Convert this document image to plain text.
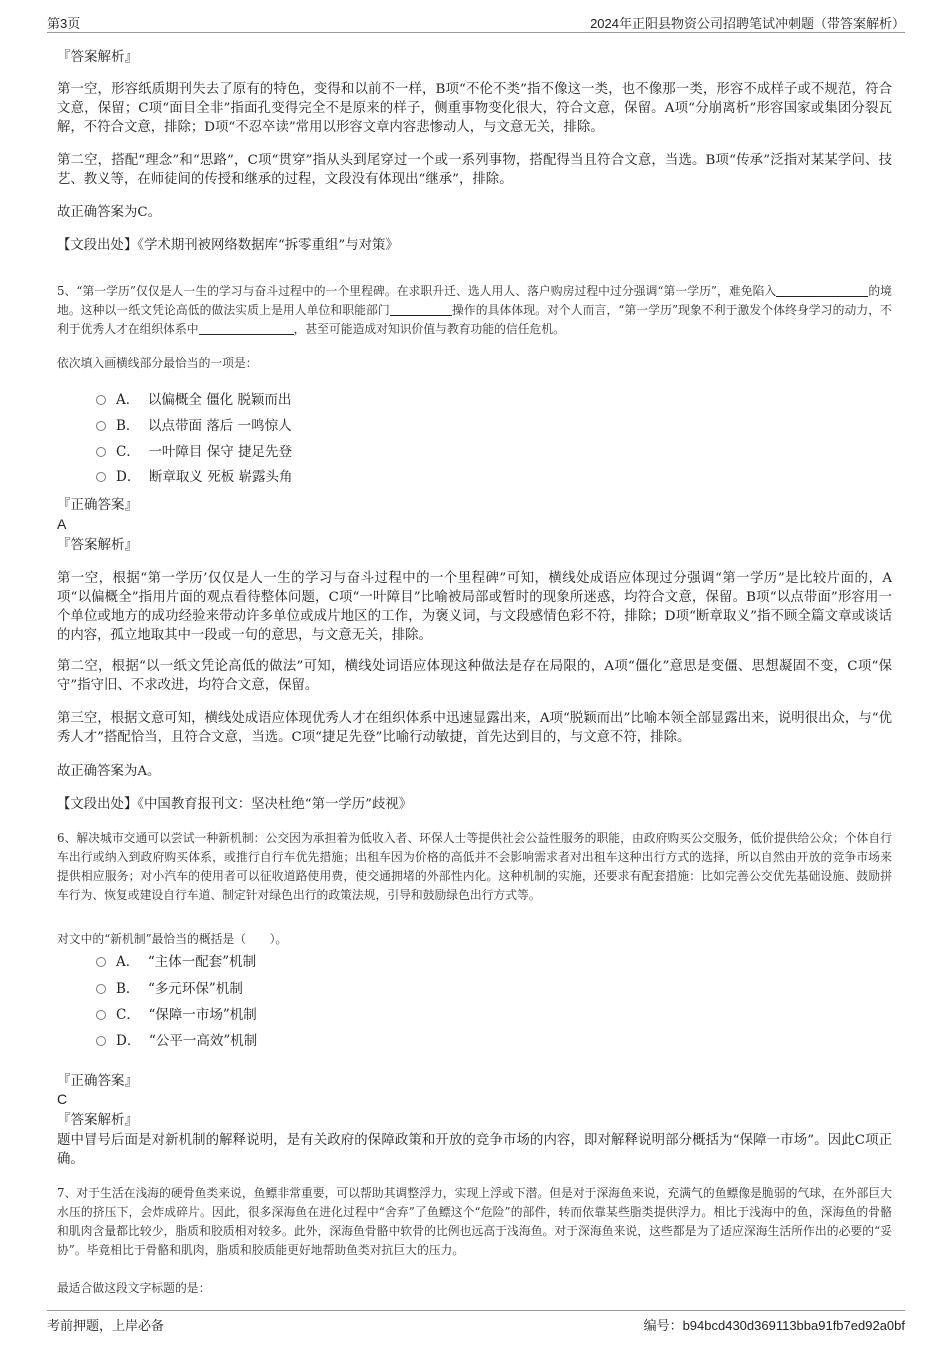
第3页	2024年正阳县物资公司招聘笔试冲刺题（带答案解析）
『答案解析』
第一空，形容纸质期刊失去了原有的特色，变得和以前不一样，B项“不伦不类”指不像这一类，也不像那一类，形容不成样子或不规范，符合文意，保留；C项“面目全非”指面孔变得完全不是原来的样子，侧重事物变化很大，符合文意，保留。A项“分崩离析”形容国家或集团分裂瓦解，不符合文意，排除；D项“不忍卒读”常用以形容文章内容悲惨动人，与文意无关，排除。
第二空，搭配“理念”和“思路”，C项“贯穿”指从头到尾穿过一个或一系列事物，搭配得当且符合文意，当选。B项“传承”泛指对某某学问、技艺、教义等，在师徒间的传授和继承的过程，文段没有体现出“继承”，排除。
故正确答案为C。
【文段出处】《学术期刊被网络数据库“拆零重组”与对策》
5、“第一学历”仅仅是人一生的学习与奋斗过程中的一个里程碑。在求职升迁、选人用人、落户购房过程中过分强调“第一学历”，难免陷入	的境地。这种以一纸文凭论高低的做法实质上是用人单位和职能部门	操作的具体体现。对个人而言，“第一学历”现象不利于激发个体终身学习的动力，不利于优秀人才在组织体系中	，甚至可能造成对知识价值与教育功能的信任危机。
依次填入画横线部分最恰当的一项是：
A． 以偏概全 僵化 脱颖而出
B． 以点带面 落后 一鸣惊人
C． 一叶障目 保守 捷足先登
D． 断章取义 死板 崭露头角
『正确答案』
A
『答案解析』
第一空，根据“第一学历’仅仅是人一生的学习与奋斗过程中的一个里程碑”可知，横线处成语应体现过分强调“第一学历”是比较片面的，A项“以偏概全”指用片面的观点看待整体问题，C项“一叶障目”比喻被局部或暂时的现象所迷惑，均符合文意，保留。B项“以点带面”形容用一个单位或地方的成功经验来带动许多单位或成片地区的工作，为褒义词，与文段感情色彩不符，排除；D项“断章取义”指不顾全篇文章或谈话的内容，孤立地取其中一段或一句的意思，与文意无关，排除。
第二空，根据“以一纸文凭论高低的做法”可知，横线处词语应体现这种做法是存在局限的，A项“僵化”意思是变僵、思想凝固不变，C项“保守”指守旧、不求改进，均符合文意，保留。
第三空，根据文意可知，横线处成语应体现优秀人才在组织体系中迅速显露出来，A项“脱颖而出”比喻本领全部显露出来，说明很出众，与“优秀人才”搭配恰当，且符合文意，当选。C项“捷足先登”比喻行动敏捷，首先达到目的，与文意不符，排除。
故正确答案为A。
【文段出处】《中国教育报刊文：坚决杜绝“第一学历”歧视》
6、解决城市交通可以尝试一种新机制：公交因为承担着为低收入者、环保人士等提供社会公益性服务的职能，由政府购买公交服务，低价提供给公众；个体自行车出行或纳入到政府购买体系，或推行自行车优先措施；出租车因为价格的高低并不会影响需求者对出租车这种出行方式的选择，所以自然由开放的竞争市场来提供相应服务；对小汽车的使用者可以征收道路使用费，使交通拥堵的外部性内化。这种机制的实施，还要求有配套措施：比如完善公交优先基础设施、鼓励拼车行为、恢复或建设自行车道、制定针对绿色出行的政策法规，引导和鼓励绿色出行方式等。
对文中的“新机制”最恰当的概括是（　　）。
A． “主体一配套”机制
B． “多元环保”机制
C． “保障一市场”机制
D． “公平一高效”机制
『正确答案』
C
『答案解析』
题中冒号后面是对新机制的解释说明，是有关政府的保障政策和开放的竞争市场的内容，即对解释说明部分概括为“保障一市场”。因此C项正确。
7、对于生活在浅海的硬骨鱼类来说，鱼鳔非常重要，可以帮助其调整浮力，实现上浮或下潜。但是对于深海鱼来说，充满气的鱼鳔像是脆弱的气球，在外部巨大水压的挤压下，会炸成碎片。因此，很多深海鱼在进化过程中“舍弃”了鱼鳔这个“危险”的部件，转而依靠某些脂类提供浮力。相比于浅海中的鱼，深海鱼的骨骼和肌肉含量都比较少，脂质和胶质相对较多。此外，深海鱼骨骼中软骨的比例也远高于浅海鱼。对于深海鱼来说，这些都是为了适应深海生活所作出的必要的“妥协”。毕竟相比于骨骼和肌肉，脂质和胶质能更好地帮助鱼类对抗巨大的压力。
最适合做这段文字标题的是：
考前押题，上岸必备	编号：b94bcd430d369113bba91fb7ed92a0bf
